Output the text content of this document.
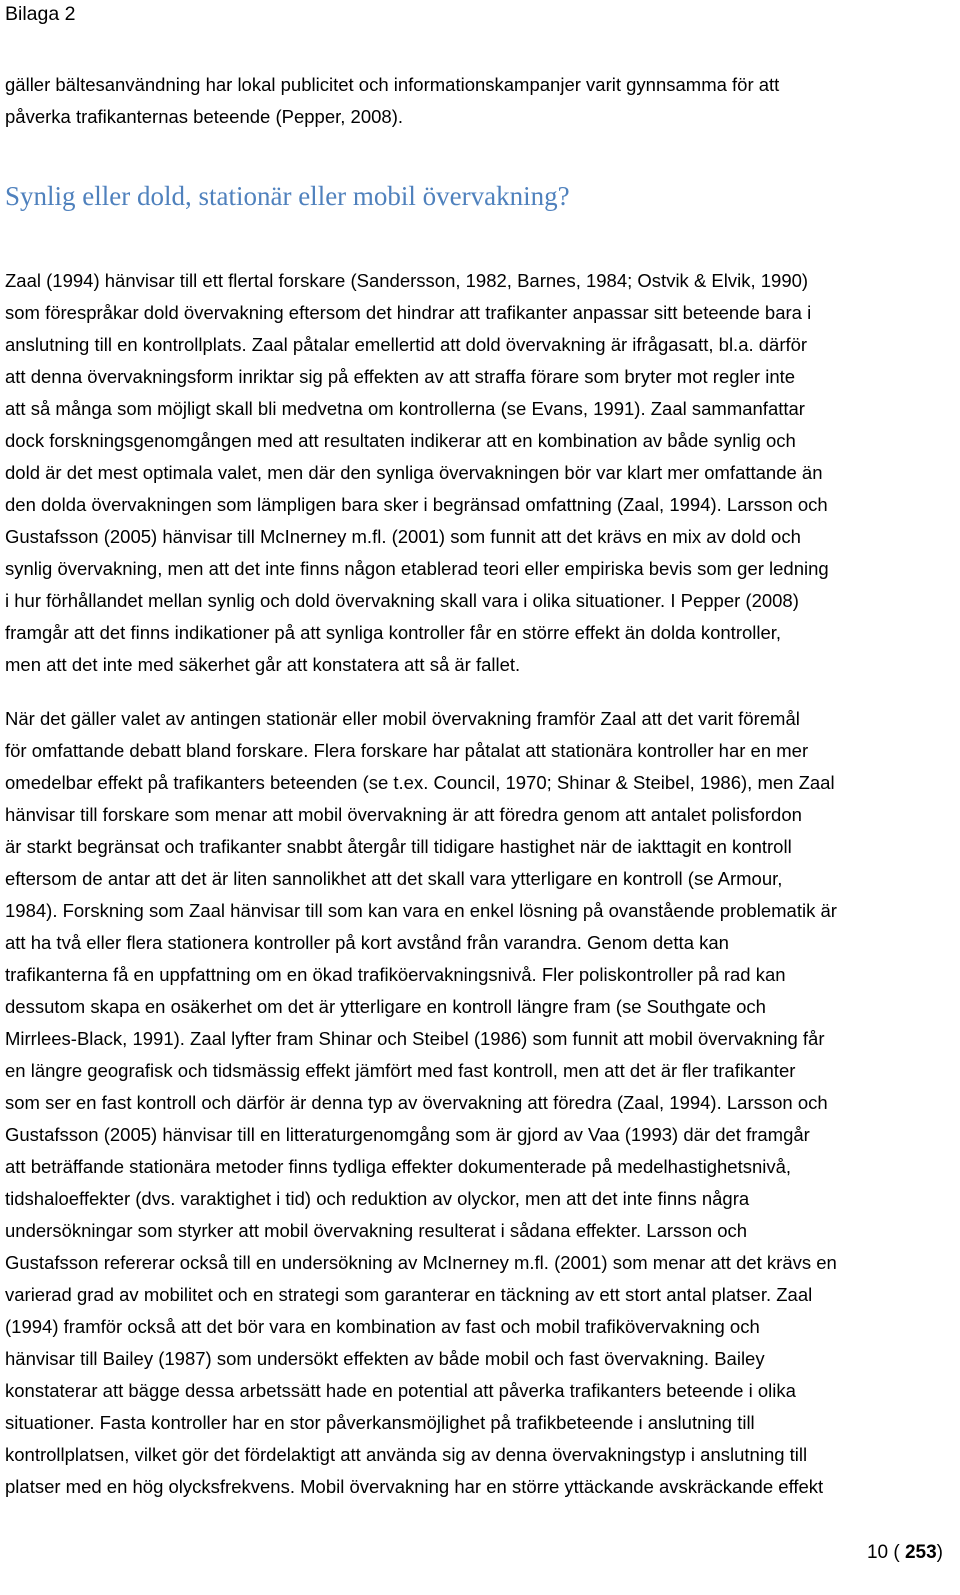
Bilaga 2

gäller bältesanvändning har lokal publicitet och informationskampanjer varit gynnsamma för att
påverka trafikanternas beteende (Pepper, 2008).

Synlig eller dold, stationär eller mobil övervakning?

Zaal (1994) hänvisar till ett flertal forskare (Sandersson, 1982, Barnes, 1984; Ostvik & Elvik, 1990)
som förespråkar dold övervakning eftersom det hindrar att trafikanter anpassar sitt beteende bara i
anslutning till en kontrollplats. Zaal påtalar emellertid att dold övervakning är ifrågasatt, bl.a. därför
att denna övervakningsform inriktar sig på effekten av att straffa förare som bryter mot regler inte
att så många som möjligt skall bli medvetna om kontrollerna (se Evans, 1991). Zaal sammanfattar
dock forskningsgenomgången med att resultaten indikerar att en kombination av både synlig och
dold är det mest optimala valet, men där den synliga övervakningen bör var klart mer omfattande än
den dolda övervakningen som lämpligen bara sker i begränsad omfattning (Zaal, 1994). Larsson och
Gustafsson (2005) hänvisar till McInerney m.fl. (2001) som funnit att det krävs en mix av dold och
synlig övervakning, men att det inte finns någon etablerad teori eller empiriska bevis som ger ledning
i hur förhållandet mellan synlig och dold övervakning skall vara i olika situationer. I Pepper (2008)
framgår att det finns indikationer på att synliga kontroller får en större effekt än dolda kontroller,
men att det inte med säkerhet går att konstatera att så är fallet.

När det gäller valet av antingen stationär eller mobil övervakning framför Zaal att det varit föremål
för omfattande debatt bland forskare. Flera forskare har påtalat att stationära kontroller har en mer
omedelbar effekt på trafikanters beteenden (se t.ex. Council, 1970; Shinar & Steibel, 1986), men Zaal
hänvisar till forskare som menar att mobil övervakning är att föredra genom att antalet polisfordon
är starkt begränsat och trafikanter snabbt återgår till tidigare hastighet när de iakttagit en kontroll
eftersom de antar att det är liten sannolikhet att det skall vara ytterligare en kontroll (se Armour,
1984). Forskning som Zaal hänvisar till som kan vara en enkel lösning på ovanstående problematik är
att ha två eller flera stationera kontroller på kort avstånd från varandra. Genom detta kan
trafikanterna få en uppfattning om en ökad trafiköervakningsnivå. Fler poliskontroller på rad kan
dessutom skapa en osäkerhet om det är ytterligare en kontroll längre fram (se Southgate och
Mirrlees-Black, 1991). Zaal lyfter fram Shinar och Steibel (1986) som funnit att mobil övervakning får
en längre geografisk och tidsmässig effekt jämfört med fast kontroll, men att det är fler trafikanter
som ser en fast kontroll och därför är denna typ av övervakning att föredra (Zaal, 1994). Larsson och
Gustafsson (2005) hänvisar till en litteraturgenomgång som är gjord av Vaa (1993) där det framgår
att beträffande stationära metoder finns tydliga effekter dokumenterade på medelhastighetsnivå,
tidshaloeffekter (dvs. varaktighet i tid) och reduktion av olyckor, men att det inte finns några
undersökningar som styrker att mobil övervakning resulterat i sådana effekter. Larsson och
Gustafsson refererar också till en undersökning av McInerney m.fl. (2001) som menar att det krävs en
varierad grad av mobilitet och en strategi som garanterar en täckning av ett stort antal platser. Zaal
(1994) framför också att det bör vara en kombination av fast och mobil trafikövervakning och
hänvisar till Bailey (1987) som undersökt effekten av både mobil och fast övervakning. Bailey
konstaterar att bägge dessa arbetssätt hade en potential att påverka trafikanters beteende i olika
situationer. Fasta kontroller har en stor påverkansmöjlighet på trafikbeteende i anslutning till
kontrollplatsen, vilket gör det fördelaktigt att använda sig av denna övervakningstyp i anslutning till
platser med en hög olycksfrekvens. Mobil övervakning har en större yttäckande avskräckande effekt

10 ( 253)
